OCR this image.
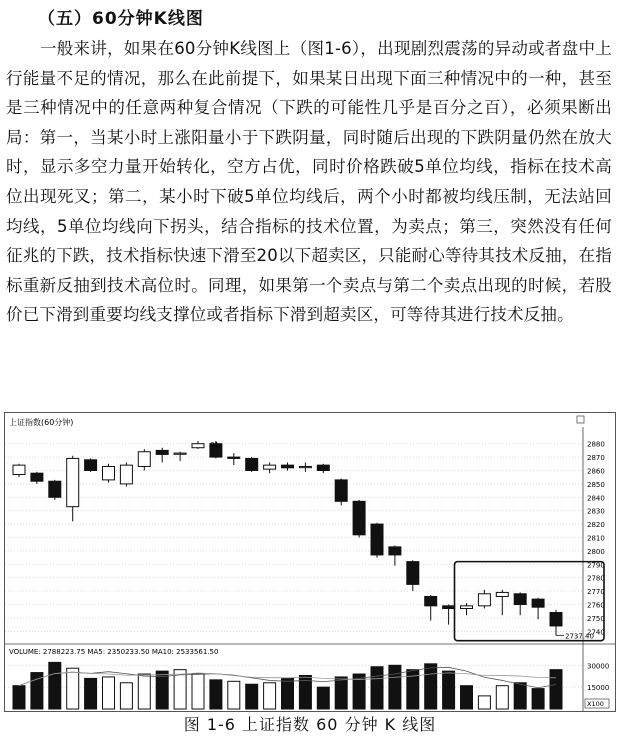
（五）60分钟K线图
一般来讲，如果在60分钟K线图上（图1-6），出现剧烈震荡的异动或者盘中上行能量不足的情况，那么在此前提下，如果某日出现下面三种情况中的一种，甚至是三种情况中的任意两种复合情况（下跌的可能性几乎是百分之百），必须果断出局：第一，当某小时上涨阳量小于下跌阴量，同时随后出现的下跌阴量仍然在放大时，显示多空力量开始转化，空方占优，同时价格跌破5单位均线，指标在技术高位出现死叉；第二，某小时下破5单位均线后，两个小时都被均线压制，无法站回均线，5单位均线向下拐头，结合指标的技术位置，为卖点；第三，突然没有任何征兆的下跌，技术指标快速下滑至20以下超卖区，只能耐心等待其技术反抽，在指标重新反抽到技术高位时。同理，如果第一个卖点与第二个卖点出现的时候，若股价已下滑到重要均线支撑位或者指标下滑到超卖区，可等待其进行技术反抽。
上证指数(60分钟)
VOLUME: 2788223.75 MA5: 2350233.50 MA10: 2533561.50
X100
2880
2870
2860
2850
2840
2830
2820
2810
2800
2790
2780
2770
2760
2750
2740
30000
15000
01
2737.40
图 1-6 上证指数 60 分钟 K 线图
